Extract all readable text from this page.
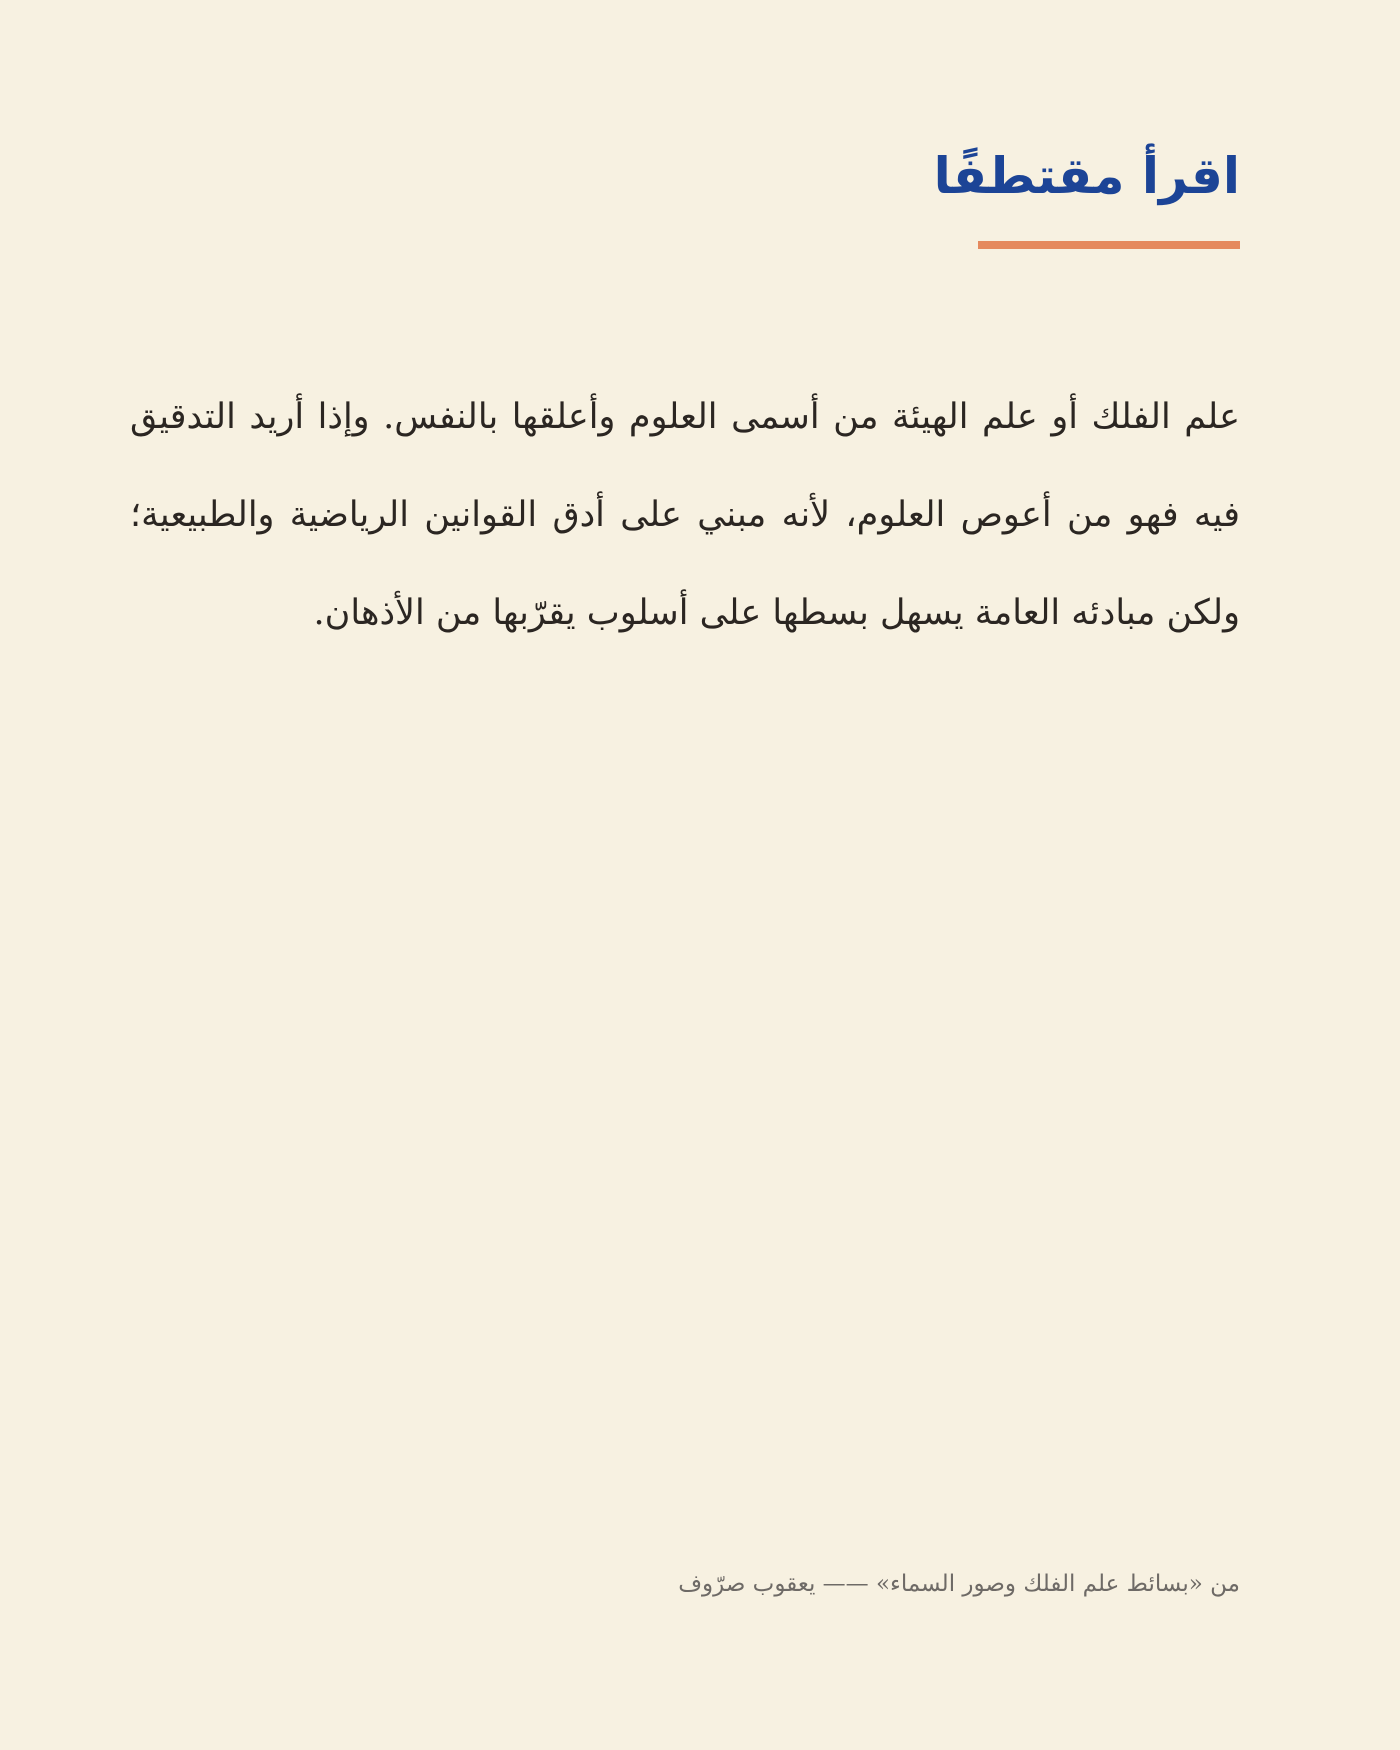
اقرأ مقتطفًا

علم الفلك أو علم الهيئة من أسمى العلوم وأعلقها بالنفس. وإذا أريد التدقيق فيه فهو من أعوص العلوم، لأنه مبني على أدق القوانين الرياضية والطبيعية؛ ولكن مبادئه العامة يسهل بسطها على أسلوب يقرّبها من الأذهان.

من «بسائط علم الفلك وصور السماء» —— يعقوب صرّوف
